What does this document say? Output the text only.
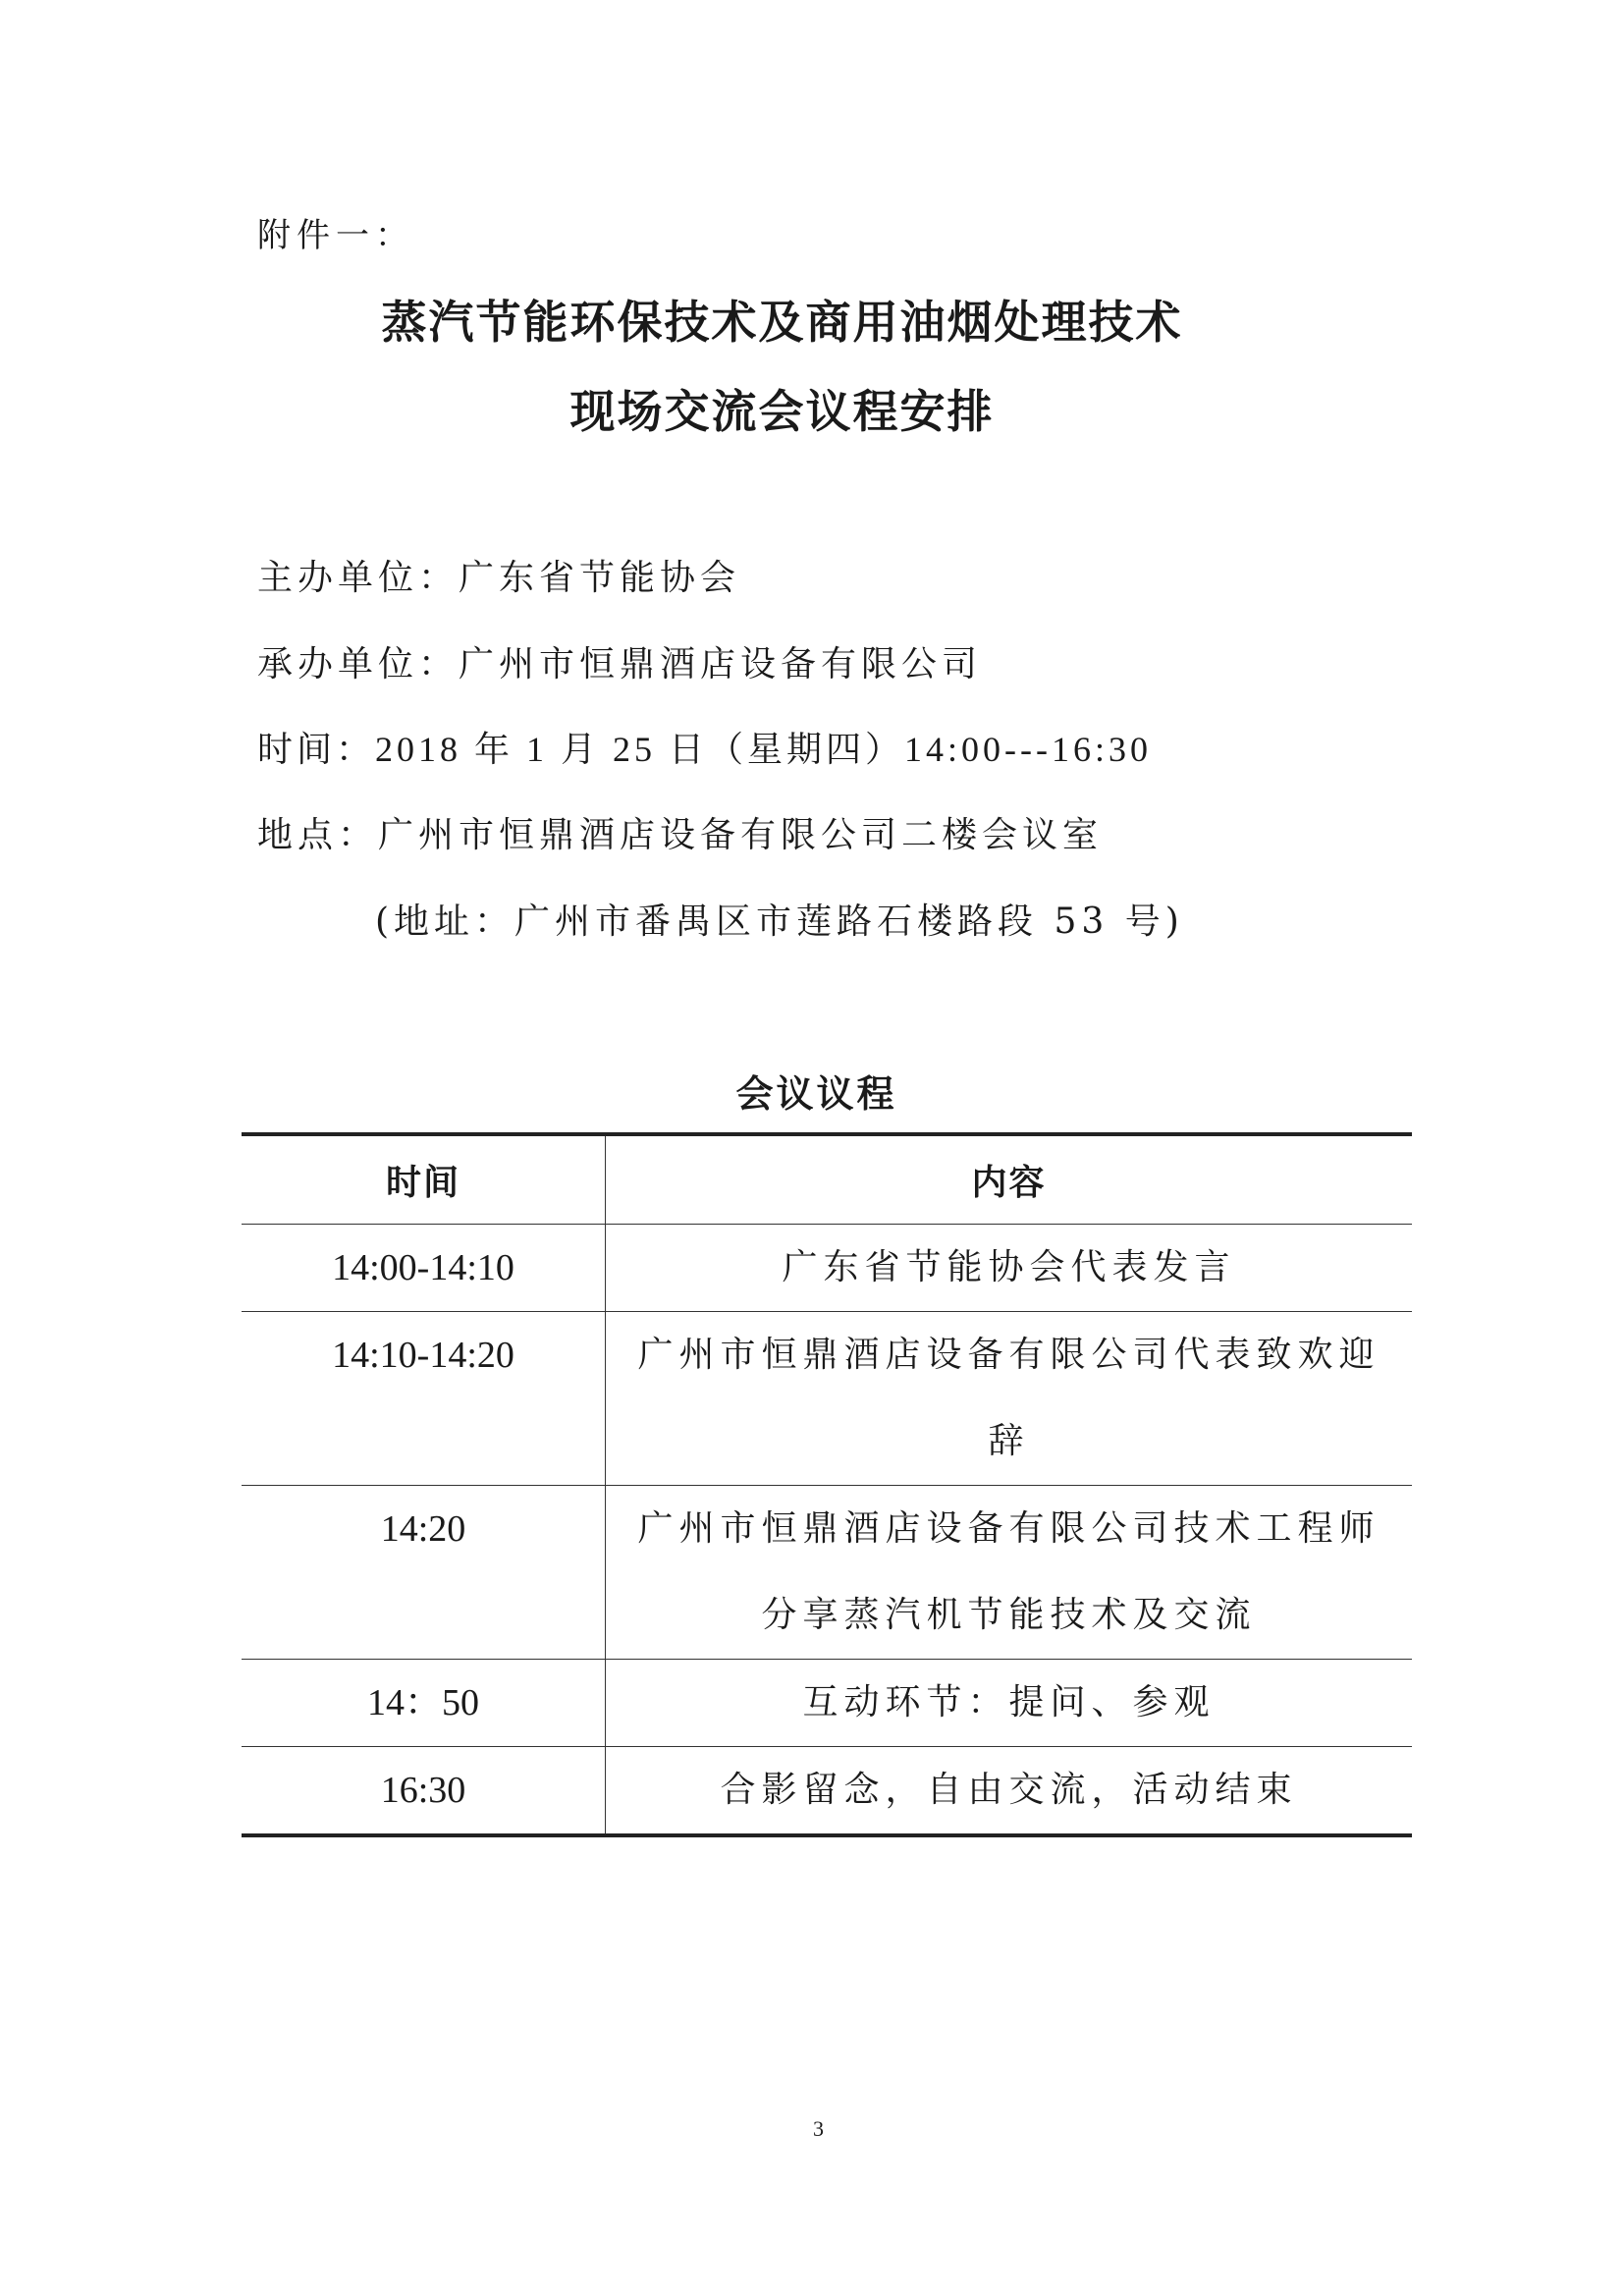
附件一：
蒸汽节能环保技术及商用油烟处理技术
现场交流会议程安排
主办单位：广东省节能协会
承办单位：广州市恒鼎酒店设备有限公司
时间：2018 年 1 月 25 日（星期四）14:00---16:30
地点：广州市恒鼎酒店设备有限公司二楼会议室
(地址：广州市番禺区市莲路石楼路段 53 号)
会议议程
时间	内容
14:00-14:10	广东省节能协会代表发言
14:10-14:20	广州市恒鼎酒店设备有限公司代表致欢迎辞
14:20	广州市恒鼎酒店设备有限公司技术工程师分享蒸汽机节能技术及交流
14：50	互动环节：提问、参观
16:30	合影留念，自由交流，活动结束
3
